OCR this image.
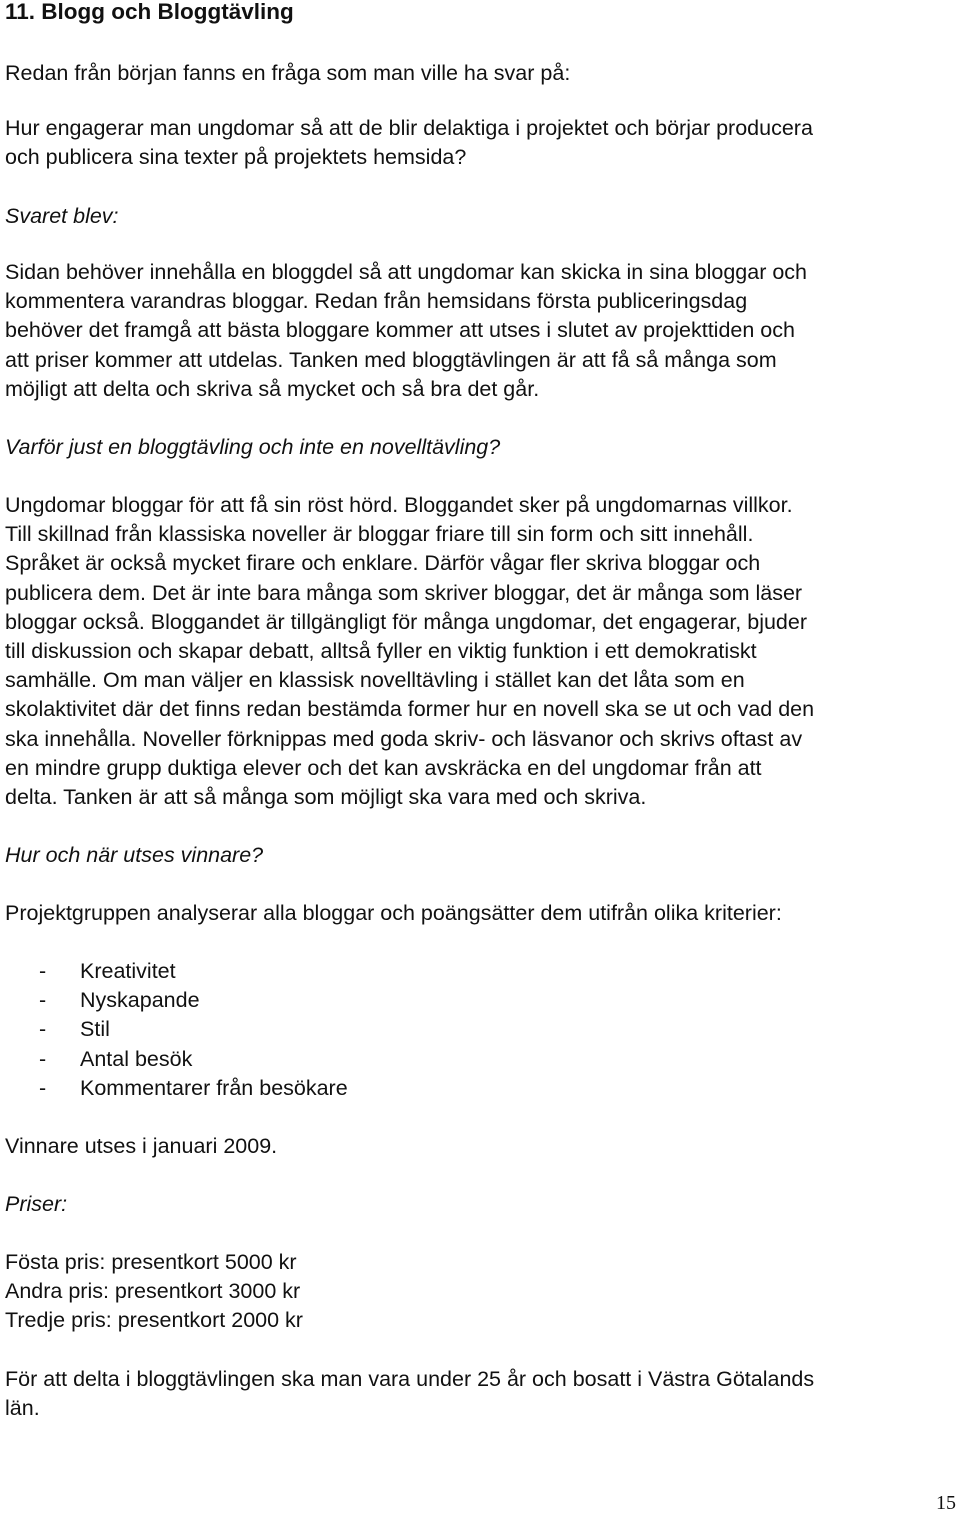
11. Blogg och Bloggtävling

Redan från början fanns en fråga som man ville ha svar på:

Hur engagerar man ungdomar så att de blir delaktiga i projektet och börjar producera
och publicera sina texter på projektets hemsida?

Svaret blev:

Sidan behöver innehålla en bloggdel så att ungdomar kan skicka in sina bloggar och
kommentera varandras bloggar. Redan från hemsidans första publiceringsdag
behöver det framgå att bästa bloggare kommer att utses i slutet av projekttiden och
att priser kommer att utdelas. Tanken med bloggtävlingen är att få så många som
möjligt att delta och skriva så mycket och så bra det går.

Varför just en bloggtävling och inte en novelltävling?

Ungdomar bloggar för att få sin röst hörd. Bloggandet sker på ungdomarnas villkor.
Till skillnad från klassiska noveller är bloggar friare till sin form och sitt innehåll.
Språket är också mycket firare och enklare. Därför vågar fler skriva bloggar och
publicera dem. Det är inte bara många som skriver bloggar, det är många som läser
bloggar också. Bloggandet är tillgängligt för många ungdomar, det engagerar, bjuder
till diskussion och skapar debatt, alltså fyller en viktig funktion i ett demokratiskt
samhälle. Om man väljer en klassisk novelltävling i stället kan det låta som en
skolaktivitet där det finns redan bestämda former hur en novell ska se ut och vad den
ska innehålla. Noveller förknippas med goda skriv- och läsvanor och skrivs oftast av
en mindre grupp duktiga elever och det kan avskräcka en del ungdomar från att
delta. Tanken är att så många som möjligt ska vara med och skriva.

Hur och när utses vinnare?

Projektgruppen analyserar alla bloggar och poängsätter dem utifrån olika kriterier:

- Kreativitet
- Nyskapande
- Stil
- Antal besök
- Kommentarer från besökare

Vinnare utses i januari 2009.

Priser:

Fösta pris: presentkort 5000 kr
Andra pris: presentkort 3000 kr
Tredje pris: presentkort 2000 kr
För att delta i bloggtävlingen ska man vara under 25 år och bosatt i Västra Götalands
län.
15
